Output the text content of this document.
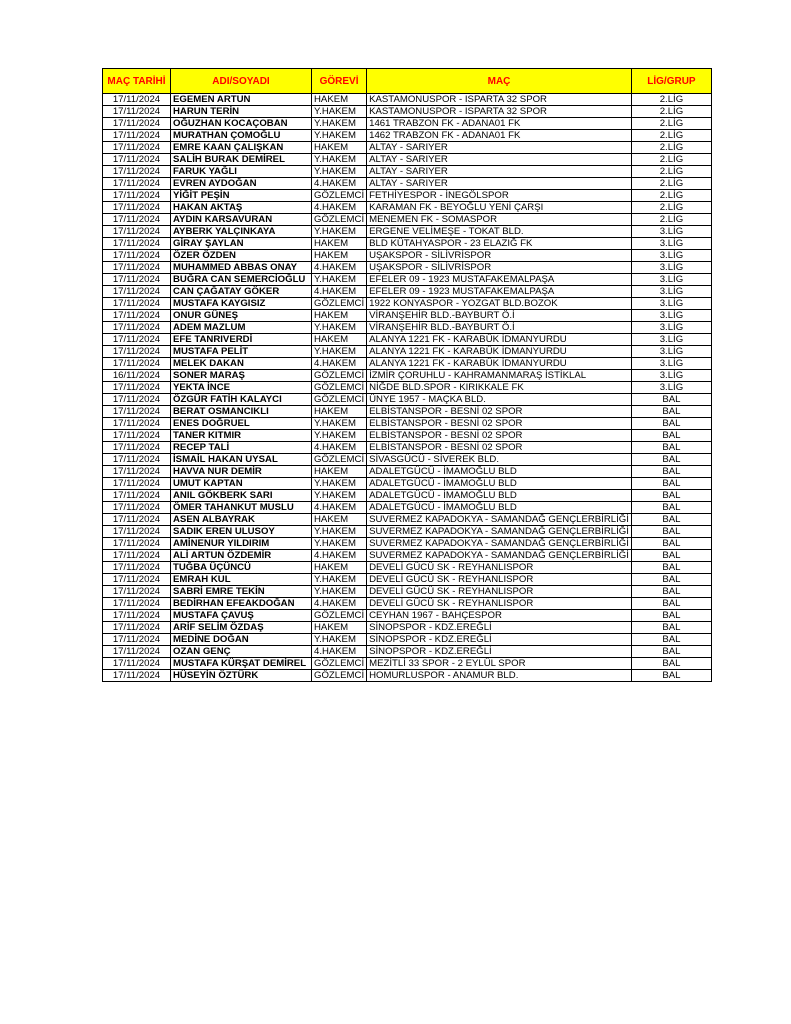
MAÇ TARİHİ	ADI/SOYADI	GÖREVİ	MAÇ	LİG/GRUP
17/11/2024	EGEMEN ARTUN	HAKEM	KASTAMONUSPOR - ISPARTA 32 SPOR	2.LİG
17/11/2024	HARUN TERİN	Y.HAKEM	KASTAMONUSPOR - ISPARTA 32 SPOR	2.LİG
17/11/2024	OĞUZHAN KOCAÇOBAN	Y.HAKEM	1461 TRABZON FK - ADANA01 FK	2.LİG
17/11/2024	MURATHAN ÇOMOĞLU	Y.HAKEM	1462 TRABZON FK - ADANA01 FK	2.LİG
17/11/2024	EMRE KAAN ÇALIŞKAN	HAKEM	ALTAY - SARIYER	2.LİG
17/11/2024	SALİH BURAK DEMİREL	Y.HAKEM	ALTAY - SARIYER	2.LİG
17/11/2024	FARUK YAĞLI	Y.HAKEM	ALTAY - SARIYER	2.LİG
17/11/2024	EVREN AYDOĞAN	4.HAKEM	ALTAY - SARIYER	2.LİG
17/11/2024	YİĞİT PEŞİN	GÖZLEMCİ	FETHİYESPOR - İNEGÖLSPOR	2.LİG
17/11/2024	HAKAN AKTAŞ	4.HAKEM	KARAMAN FK - BEYOĞLU YENİ ÇARŞI	2.LİG
17/11/2024	AYDIN KARSAVURAN	GÖZLEMCİ	MENEMEN FK - SOMASPOR	2.LİG
17/11/2024	AYBERK YALÇINKAYA	Y.HAKEM	ERGENE VELİMEŞE - TOKAT BLD.	3.LİG
17/11/2024	GİRAY ŞAYLAN	HAKEM	BLD KÜTAHYASPOR - 23 ELAZIĞ FK	3.LİG
17/11/2024	ÖZER ÖZDEN	HAKEM	UŞAKSPOR - SİLİVRİSPOR	3.LİG
17/11/2024	MUHAMMED ABBAS ONAY	4.HAKEM	UŞAKSPOR - SİLİVRİSPOR	3.LİG
17/11/2024	BUĞRA CAN SEMERCİOĞLU	Y.HAKEM	EFELER 09 - 1923 MUSTAFAKEMALPAŞA	3.LİG
17/11/2024	CAN ÇAĞATAY GÖKER	4.HAKEM	EFELER 09 - 1923 MUSTAFAKEMALPAŞA	3.LİG
17/11/2024	MUSTAFA KAYGISIZ	GÖZLEMCİ	1922 KONYASPOR - YOZGAT BLD.BOZOK	3.LİG
17/11/2024	ONUR GÜNEŞ	HAKEM	VİRANŞEHİR BLD.-BAYBURT Ö.İ	3.LİG
17/11/2024	ADEM MAZLUM	Y.HAKEM	VİRANŞEHİR BLD.-BAYBURT Ö.İ	3.LİG
17/11/2024	EFE TANRIVERDİ	HAKEM	ALANYA 1221 FK - KARABÜK İDMANYURDU	3.LİG
17/11/2024	MUSTAFA PELİT	Y.HAKEM	ALANYA 1221 FK - KARABÜK İDMANYURDU	3.LİG
17/11/2024	MELEK DAKAN	4.HAKEM	ALANYA 1221 FK - KARABÜK İDMANYURDU	3.LİG
16/11/2024	SONER MARAŞ	GÖZLEMCİ	İZMİR ÇORUHLU - KAHRAMANMARAŞ İSTİKLAL	3.LİG
17/11/2024	YEKTA İNCE	GÖZLEMCİ	NİĞDE BLD.SPOR - KIRIKKALE FK	3.LİG
17/11/2024	ÖZGÜR FATİH KALAYCI	GÖZLEMCİ	ÜNYE 1957 - MAÇKA BLD.	BAL
17/11/2024	BERAT OSMANCIKLI	HAKEM	ELBİSTANSPOR - BESNİ 02 SPOR	BAL
17/11/2024	ENES DOĞRUEL	Y.HAKEM	ELBİSTANSPOR - BESNİ 02 SPOR	BAL
17/11/2024	TANER KITMIR	Y.HAKEM	ELBİSTANSPOR - BESNİ 02 SPOR	BAL
17/11/2024	RECEP TALİ	4.HAKEM	ELBİSTANSPOR - BESNİ 02 SPOR	BAL
17/11/2024	İSMAİL HAKAN UYSAL	GÖZLEMCİ	SİVASGÜCÜ - SİVEREK BLD.	BAL
17/11/2024	HAVVA NUR DEMİR	HAKEM	ADALETGÜCÜ - İMAMOĞLU BLD	BAL
17/11/2024	UMUT KAPTAN	Y.HAKEM	ADALETGÜCÜ - İMAMOĞLU BLD	BAL
17/11/2024	ANIL GÖKBERK SARI	Y.HAKEM	ADALETGÜCÜ - İMAMOĞLU BLD	BAL
17/11/2024	ÖMER TAHANKUT MUSLU	4.HAKEM	ADALETGÜCÜ - İMAMOĞLU BLD	BAL
17/11/2024	ASEN ALBAYRAK	HAKEM	SUVERMEZ KAPADOKYA - SAMANDAĞ GENÇLERBİRLİĞİ	BAL
17/11/2024	SADIK EREN ULUSOY	Y.HAKEM	SUVERMEZ KAPADOKYA - SAMANDAĞ GENÇLERBİRLİĞİ	BAL
17/11/2024	AMİNENUR YILDIRIM	Y.HAKEM	SUVERMEZ KAPADOKYA - SAMANDAĞ GENÇLERBİRLİĞİ	BAL
17/11/2024	ALİ ARTUN ÖZDEMİR	4.HAKEM	SUVERMEZ KAPADOKYA - SAMANDAĞ GENÇLERBİRLİĞİ	BAL
17/11/2024	TUĞBA ÜÇÜNCÜ	HAKEM	DEVELİ GÜCÜ SK - REYHANLISPOR	BAL
17/11/2024	EMRAH KUL	Y.HAKEM	DEVELİ GÜCÜ SK - REYHANLISPOR	BAL
17/11/2024	SABRİ EMRE TEKİN	Y.HAKEM	DEVELİ GÜCÜ SK - REYHANLISPOR	BAL
17/11/2024	BEDİRHAN EFEAKDOĞAN	4.HAKEM	DEVELİ GÜCÜ SK - REYHANLISPOR	BAL
17/11/2024	MUSTAFA ÇAVUŞ	GÖZLEMCİ	CEYHAN 1967 - BAHÇESPOR	BAL
17/11/2024	ARİF SELİM ÖZDAŞ	HAKEM	SİNOPSPOR - KDZ.EREĞLİ	BAL
17/11/2024	MEDİNE DOĞAN	Y.HAKEM	SİNOPSPOR - KDZ.EREĞLİ	BAL
17/11/2024	OZAN GENÇ	4.HAKEM	SİNOPSPOR - KDZ.EREĞLİ	BAL
17/11/2024	MUSTAFA KÜRŞAT DEMİREL	GÖZLEMCİ	MEZİTLİ 33 SPOR - 2 EYLÜL SPOR	BAL
17/11/2024	HÜSEYİN ÖZTÜRK	GÖZLEMCİ	HOMURLUSPOR - ANAMUR BLD.	BAL
